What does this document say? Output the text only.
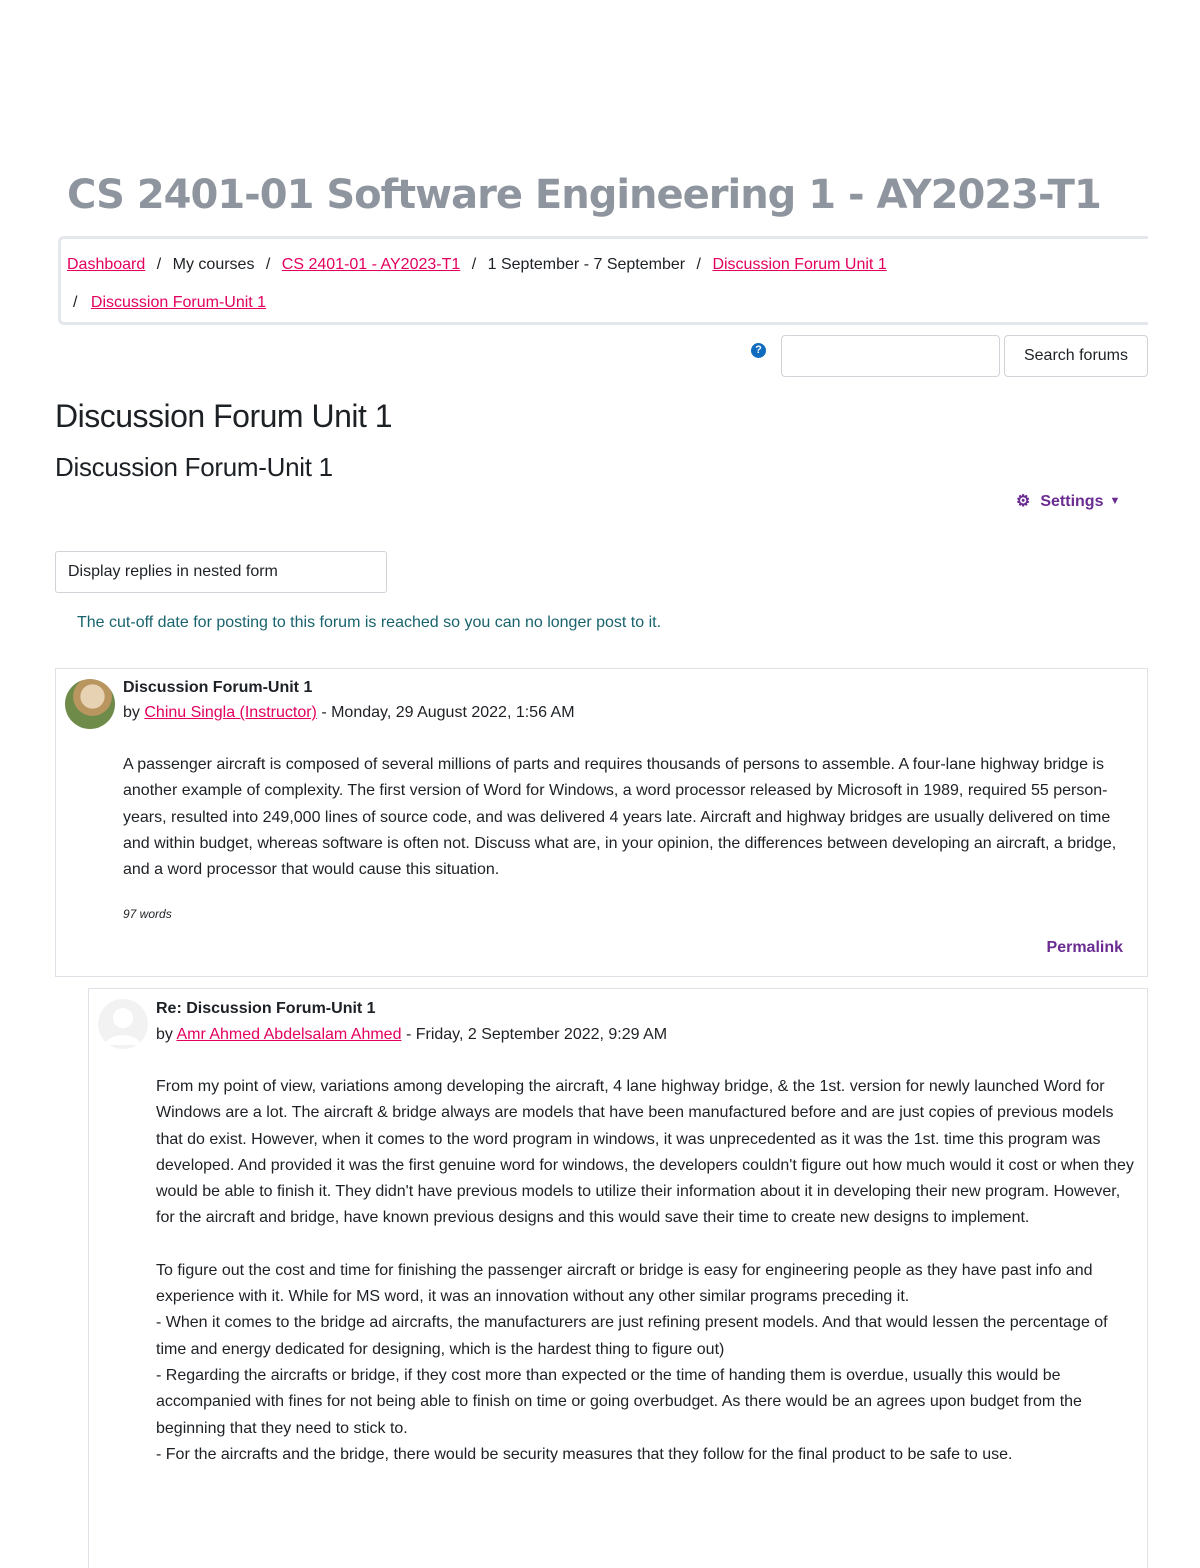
CS 2401-01 Software Engineering 1 - AY2023-T1
Dashboard / My courses / CS 2401-01 - AY2023-T1 / 1 September - 7 September / Discussion Forum Unit 1
/ Discussion Forum-Unit 1
?	Search forums
Discussion Forum Unit 1
Discussion Forum-Unit 1
⚙ Settings ▼
Display replies in nested form
The cut-off date for posting to this forum is reached so you can no longer post to it.
Discussion Forum-Unit 1
by Chinu Singla (Instructor) - Monday, 29 August 2022, 1:56 AM

A passenger aircraft is composed of several millions of parts and requires thousands of persons to assemble. A four-lane highway bridge is another example of complexity. The first version of Word for Windows, a word processor released by Microsoft in 1989, required 55 person-years, resulted into 249,000 lines of source code, and was delivered 4 years late. Aircraft and highway bridges are usually delivered on time and within budget, whereas software is often not. Discuss what are, in your opinion, the differences between developing an aircraft, a bridge, and a word processor that would cause this situation.

97 words
Permalink
Re: Discussion Forum-Unit 1
by Amr Ahmed Abdelsalam Ahmed - Friday, 2 September 2022, 9:29 AM

From my point of view, variations among developing the aircraft, 4 lane highway bridge, & the 1st. version for newly launched Word for Windows are a lot. The aircraft & bridge always are models that have been manufactured before and are just copies of previous models that do exist. However, when it comes to the word program in windows, it was unprecedented as it was the 1st. time this program was developed. And provided it was the first genuine word for windows, the developers couldn't figure out how much would it cost or when they would be able to finish it. They didn't have previous models to utilize their information about it in developing their new program. However, for the aircraft and bridge, have known previous designs and this would save their time to create new designs to implement.

To figure out the cost and time for finishing the passenger aircraft or bridge is easy for engineering people as they have past info and experience with it. While for MS word, it was an innovation without any other similar programs preceding it.
- When it comes to the bridge ad aircrafts, the manufacturers are just refining present models. And that would lessen the percentage of time and energy dedicated for designing, which is the hardest thing to figure out)
- Regarding the aircrafts or bridge, if they cost more than expected or the time of handing them is overdue, usually this would be accompanied with fines for not being able to finish on time or going overbudget. As there would be an agrees upon budget from the beginning that they need to stick to.
- For the aircrafts and the bridge, there would be security measures that they follow for the final product to be safe to use.
